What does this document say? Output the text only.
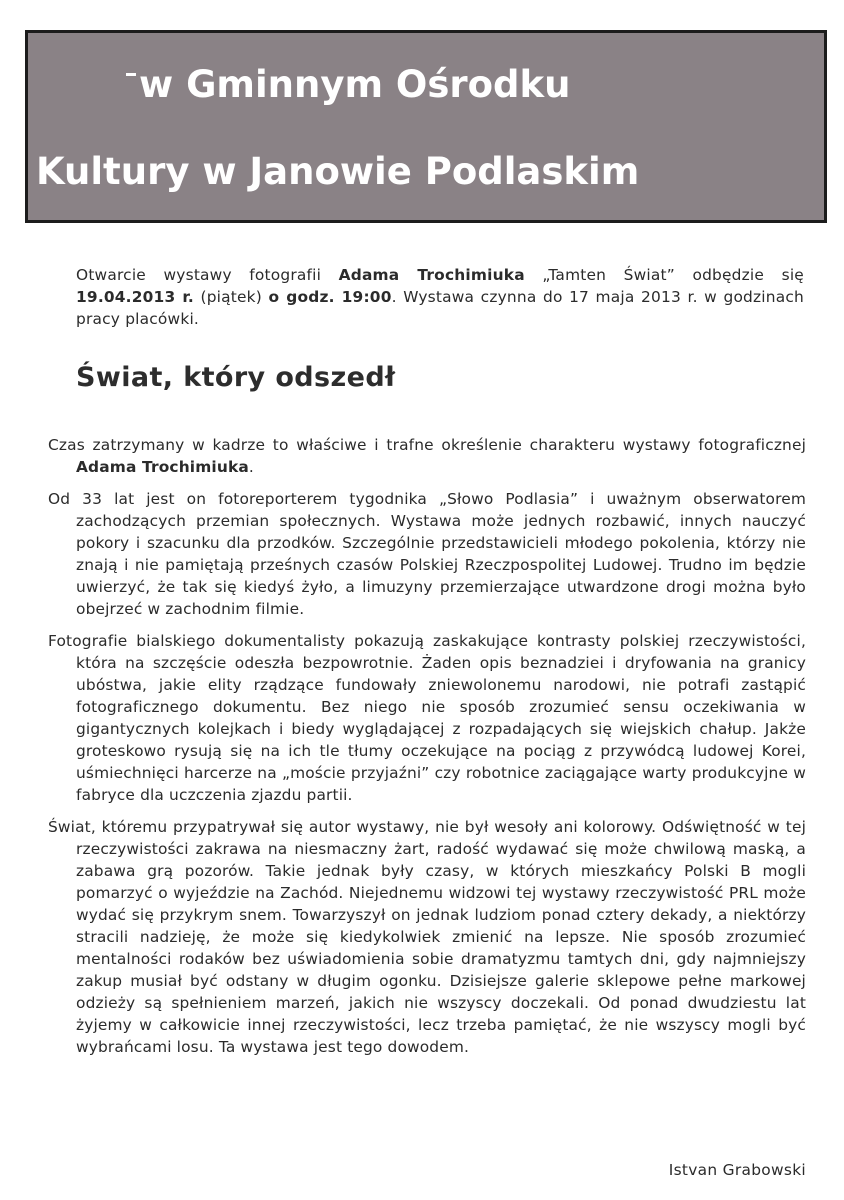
w Gminnym Ośrodku
Kultury w Janowie Podlaskim
Otwarcie wystawy fotografii Adama Trochimiuka „Tamten Świat” odbędzie się 19.04.2013 r. (piątek) o godz. 19:00. Wystawa czynna do 17 maja 2013 r. w godzinach pracy placówki.
Świat, który odszedł

Czas zatrzymany w kadrze to właściwe i trafne określenie charakteru wystawy fotograficznej Adama Trochimiuka.

Od 33 lat jest on fotoreporterem tygodnika „Słowo Podlasia” i uważnym obserwatorem zachodzących przemian społecznych. Wystawa może jednych rozbawić, innych nauczyć pokory i szacunku dla przodków. Szczególnie przedstawicieli młodego pokolenia, którzy nie znają i nie pamiętają prześnych czasów Polskiej Rzeczpospolitej Ludowej. Trudno im będzie uwierzyć, że tak się kiedyś żyło, a limuzyny przemierzające utwardzone drogi można było obejrzeć w zachodnim filmie.

Fotografie bialskiego dokumentalisty pokazują zaskakujące kontrasty polskiej rzeczywistości, która na szczęście odeszła bezpowrotnie. Żaden opis beznadziei i dryfowania na granicy ubóstwa, jakie elity rządzące fundowały zniewolonemu narodowi, nie potrafi zastąpić fotograficznego dokumentu. Bez niego nie sposób zrozumieć sensu oczekiwania w gigantycznych kolejkach i biedy wyglądającej z rozpadających się wiejskich chałup. Jakże groteskowo rysują się na ich tle tłumy oczekujące na pociąg z przywódcą ludowej Korei, uśmiechnięci harcerze na „moście przyjaźni” czy robotnice zaciągające warty produkcyjne w fabryce dla uczczenia zjazdu partii.

Świat, któremu przypatrywał się autor wystawy, nie był wesoły ani kolorowy. Odświętność w tej rzeczywistości zakrawa na niesmaczny żart, radość wydawać się może chwilową maską, a zabawa grą pozorów. Takie jednak były czasy, w których mieszkańcy Polski B mogli pomarzyć o wyjeździe na Zachód. Niejednemu widzowi tej wystawy rzeczywistość PRL może wydać się przykrym snem. Towarzyszył on jednak ludziom ponad cztery dekady, a niektórzy stracili nadzieję, że może się kiedykolwiek zmienić na lepsze. Nie sposób zrozumieć mentalności rodaków bez uświadomienia sobie dramatyzmu tamtych dni, gdy najmniejszy zakup musiał być odstany w długim ogonku. Dzisiejsze galerie sklepowe pełne markowej odzieży są spełnieniem marzeń, jakich nie wszyscy doczekali. Od ponad dwudziestu lat żyjemy w całkowicie innej rzeczywistości, lecz trzeba pamiętać, że nie wszyscy mogli być wybrańcami losu. Ta wystawa jest tego dowodem.

Istvan Grabowski
